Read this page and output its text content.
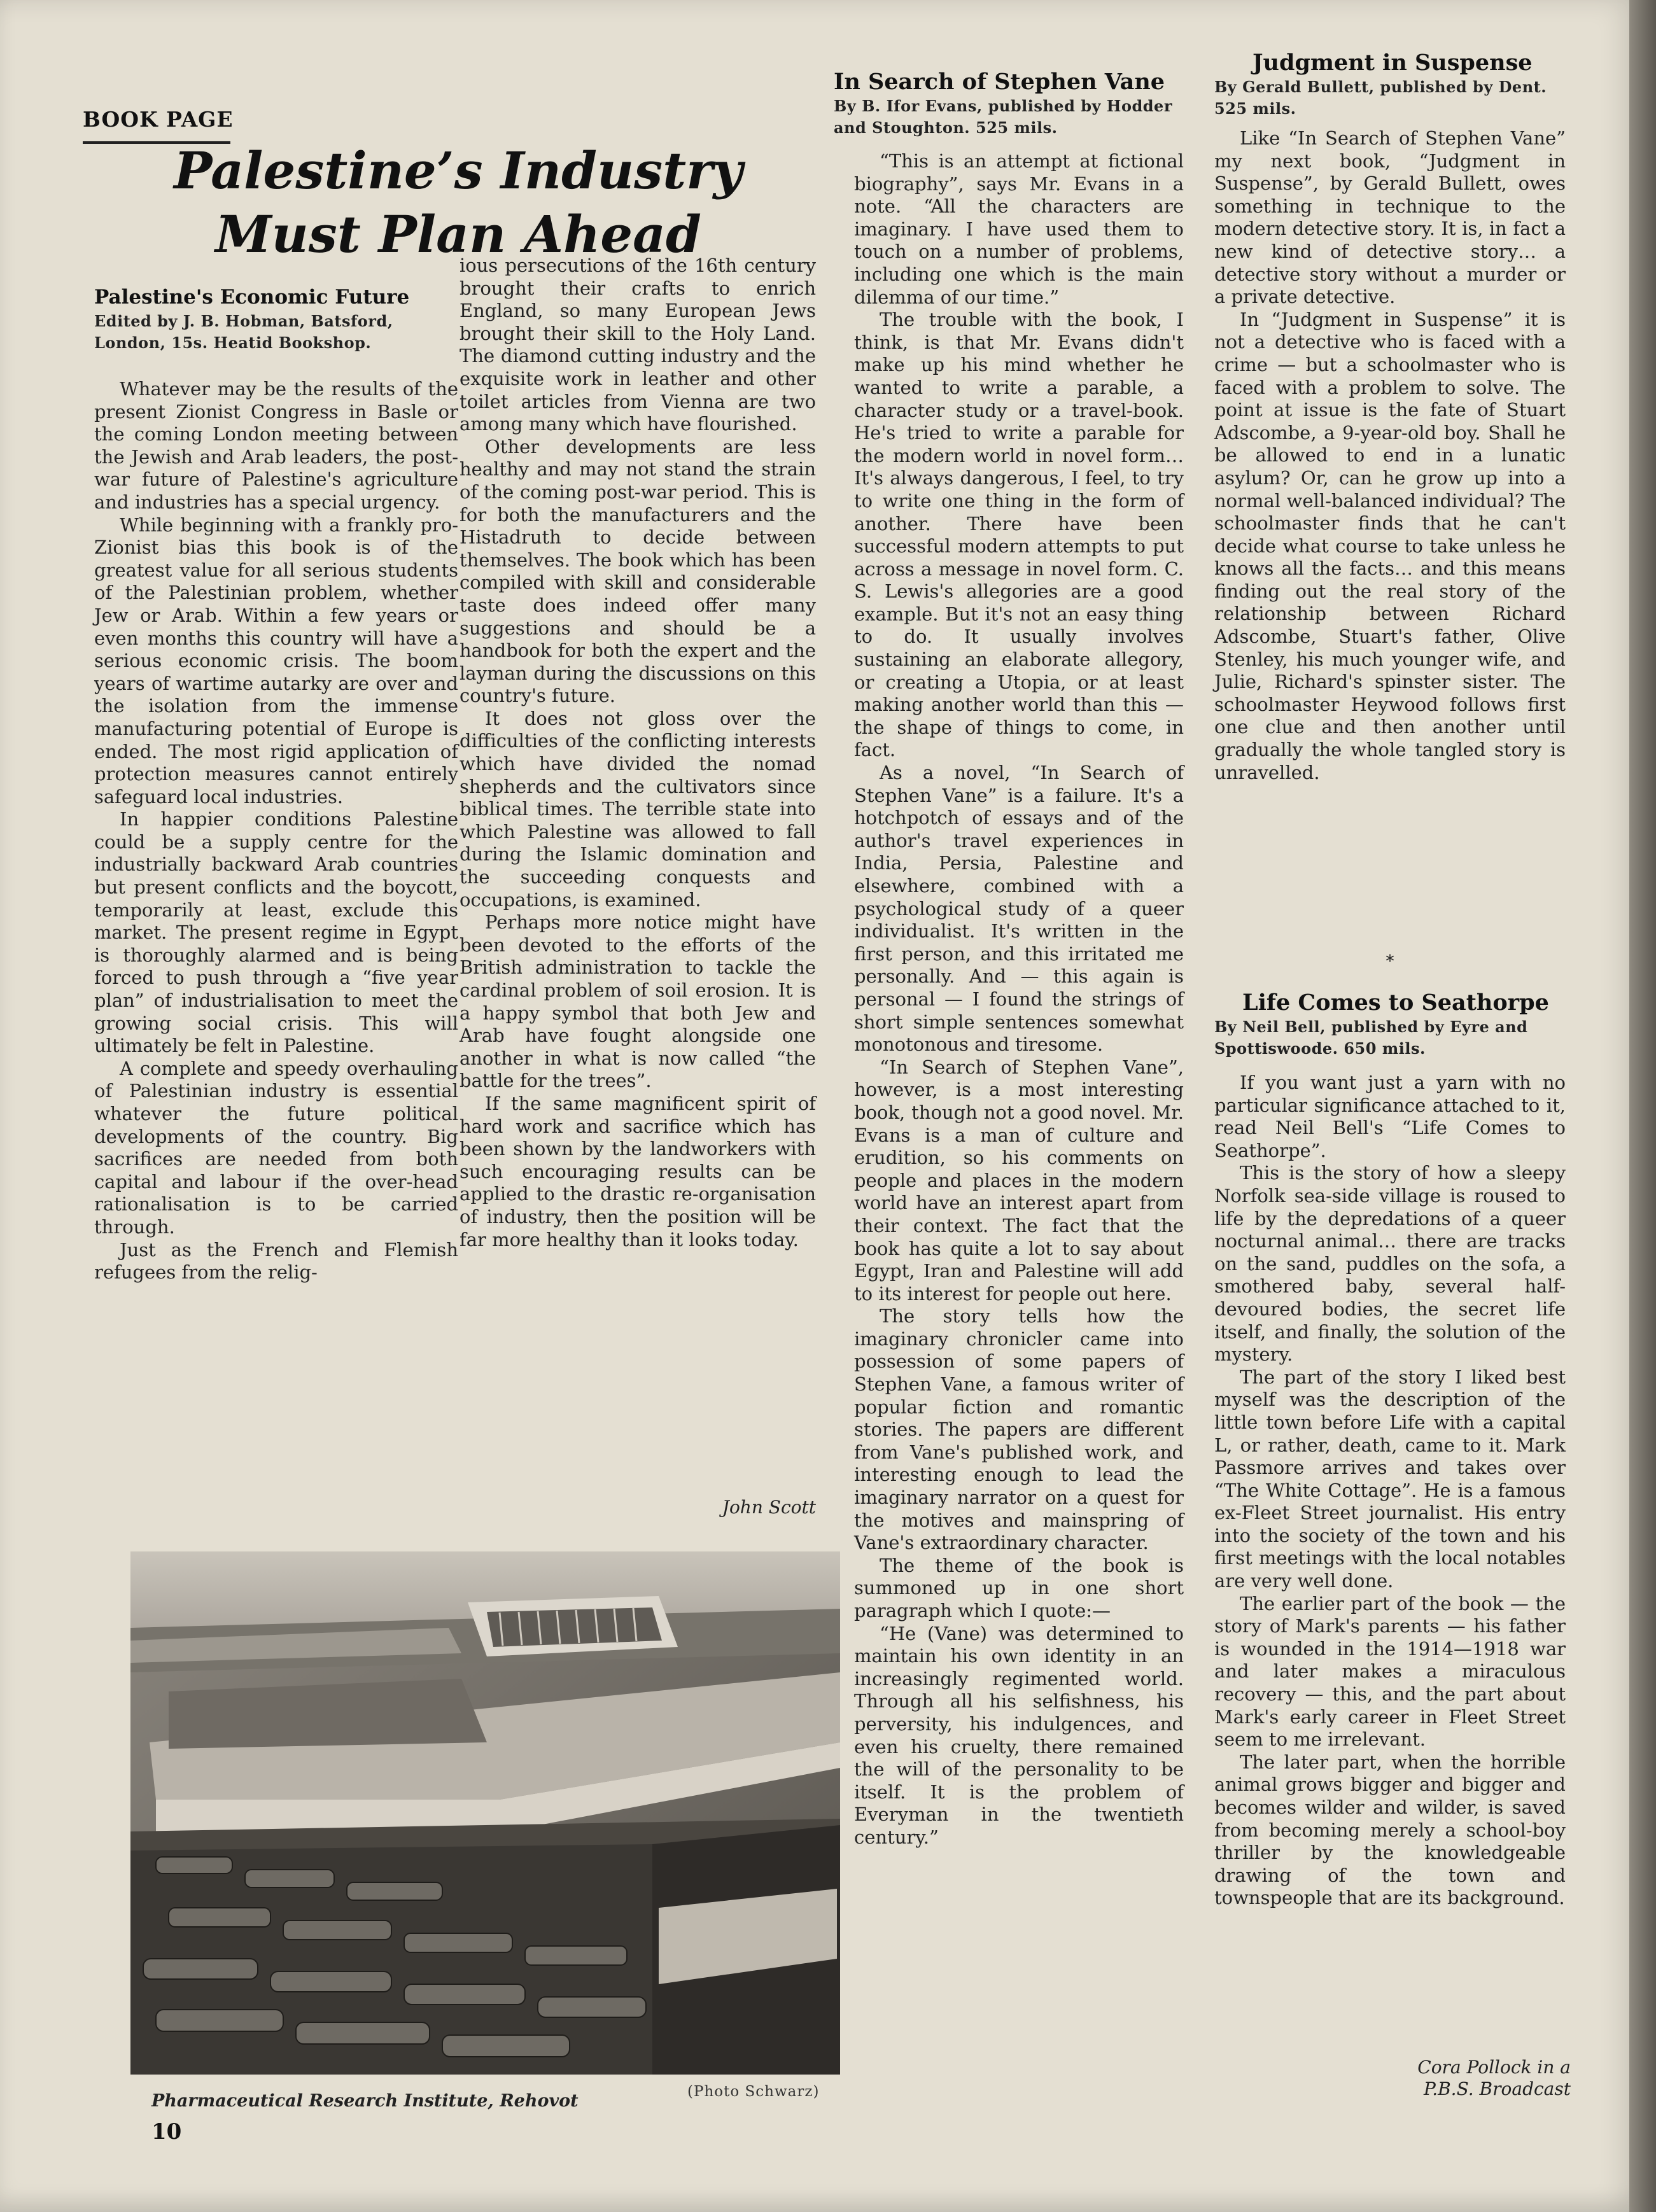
BOOK PAGE
Palestine’s Industry
Must Plan Ahead
Palestine's Economic Future
Edited by J. B. Hobman, Batsford, London, 15s. Heatid Bookshop.

Whatever may be the results of the present Zionist Congress in Basle or the coming London meeting between the Jewish and Arab leaders, the post-war future of Palestine's agriculture and industries has a special urgency.

While beginning with a frankly pro-Zionist bias this book is of the greatest value for all serious students of the Palestinian problem, whether Jew or Arab. Within a few years or even months this country will have a serious economic crisis. The boom years of wartime autarky are over and the isolation from the immense manufacturing potential of Europe is ended. The most rigid application of protection measures cannot entirely safeguard local industries.

In happier conditions Palestine could be a supply centre for the industrially backward Arab countries but present conflicts and the boycott, temporarily at least, exclude this market. The present regime in Egypt is thoroughly alarmed and is being forced to push through a “five year plan” of industrialisation to meet the growing social crisis. This will ultimately be felt in Palestine.

A complete and speedy overhauling of Palestinian industry is essential whatever the future political developments of the country. Big sacrifices are needed from both capital and labour if the over-head rationalisation is to be carried through.

Just as the French and Flemish refugees from the relig-

ious persecutions of the 16th century brought their crafts to enrich England, so many European Jews brought their skill to the Holy Land. The diamond cutting industry and the exquisite work in leather and other toilet articles from Vienna are two among many which have flourished.

Other developments are less healthy and may not stand the strain of the coming post-war period. This is for both the manufacturers and the Histadruth to decide between themselves. The book which has been compiled with skill and considerable taste does indeed offer many suggestions and should be a handbook for both the expert and the layman during the discussions on this country's future.

It does not gloss over the difficulties of the conflicting interests which have divided the nomad shepherds and the cultivators since biblical times. The terrible state into which Palestine was allowed to fall during the Islamic domination and the succeeding conquests and occupations, is examined.

Perhaps more notice might have been devoted to the efforts of the British administration to tackle the cardinal problem of soil erosion. It is a happy symbol that both Jew and Arab have fought alongside one another in what is now called “the battle for the trees”.

If the same magnificent spirit of hard work and sacrifice which has been shown by the landworkers with such encouraging results can be applied to the drastic re-organisation of industry, then the position will be far more healthy than it looks today.

John Scott
In Search of Stephen Vane
By B. Ifor Evans, published by Hodder and Stoughton. 525 mils.

“This is an attempt at fictional biography”, says Mr. Evans in a note. “All the characters are imaginary. I have used them to touch on a number of problems, including one which is the main dilemma of our time.”

The trouble with the book, I think, is that Mr. Evans didn't make up his mind whether he wanted to write a parable, a character study or a travel-book. He's tried to write a parable for the modern world in novel form… It's always dangerous, I feel, to try to write one thing in the form of another. There have been successful modern attempts to put across a message in novel form. C. S. Lewis's allegories are a good example. But it's not an easy thing to do. It usually involves sustaining an elaborate allegory, or creating a Utopia, or at least making another world than this — the shape of things to come, in fact.

As a novel, “In Search of Stephen Vane” is a failure. It's a hotchpotch of essays and of the author's travel experiences in India, Persia, Palestine and elsewhere, combined with a psychological study of a queer individualist. It's written in the first person, and this irritated me personally. And — this again is personal — I found the strings of short simple sentences somewhat monotonous and tiresome.

“In Search of Stephen Vane”, however, is a most interesting book, though not a good novel. Mr. Evans is a man of culture and erudition, so his comments on people and places in the modern world have an interest apart from their context. The fact that the book has quite a lot to say about Egypt, Iran and Palestine will add to its interest for people out here.

The story tells how the imaginary chronicler came into possession of some papers of Stephen Vane, a famous writer of popular fiction and romantic stories. The papers are different from Vane's published work, and interesting enough to lead the imaginary narrator on a quest for the motives and mainspring of Vane's extraordinary character.

The theme of the book is summoned up in one short paragraph which I quote:—

“He (Vane) was determined to maintain his own identity in an increasingly regimented world. Through all his selfishness, his perversity, his indulgences, and even his cruelty, there remained the will of the personality to be itself. It is the problem of Everyman in the twentieth century.”

Judgment in Suspense
By Gerald Bullett, published by Dent. 525 mils.

Like “In Search of Stephen Vane” my next book, “Judgment in Suspense”, by Gerald Bullett, owes something in technique to the modern detective story. It is, in fact a new kind of detective story… a detective story without a murder or a private detective.

In “Judgment in Suspense” it is not a detective who is faced with a crime — but a schoolmaster who is faced with a problem to solve. The point at issue is the fate of Stuart Adscombe, a 9-year-old boy. Shall he be allowed to end in a lunatic asylum? Or, can he grow up into a normal well-balanced individual? The schoolmaster finds that he can't decide what course to take unless he knows all the facts… and this means finding out the real story of the relationship between Richard Adscombe, Stuart's father, Olive Stenley, his much younger wife, and Julie, Richard's spinster sister. The schoolmaster Heywood follows first one clue and then another until gradually the whole tangled story is unravelled.

*
Life Comes to Seathorpe
By Neil Bell, published by Eyre and Spottiswoode. 650 mils.

If you want just a yarn with no particular significance attached to it, read Neil Bell's “Life Comes to Seathorpe”.

This is the story of how a sleepy Norfolk sea-side village is roused to life by the depredations of a queer nocturnal animal… there are tracks on the sand, puddles on the sofa, a smothered baby, several half-devoured bodies, the secret life itself, and finally, the solution of the mystery.

The part of the story I liked best myself was the description of the little town before Life with a capital L, or rather, death, came to it. Mark Passmore arrives and takes over “The White Cottage”. He is a famous ex-Fleet Street journalist. His entry into the society of the town and his first meetings with the local notables are very well done.

The earlier part of the book — the story of Mark's parents — his father is wounded in the 1914—1918 war and later makes a miraculous recovery — this, and the part about Mark's early career in Fleet Street seem to me irrelevant.

The later part, when the horrible animal grows bigger and bigger and becomes wilder and wilder, is saved from becoming merely a school-boy thriller by the knowledgeable drawing of the town and townspeople that are its background.

Cora Pollock in a
P.B.S. Broadcast
Pharmaceutical Research Institute, Rehovot	(Photo Schwarz)
10
